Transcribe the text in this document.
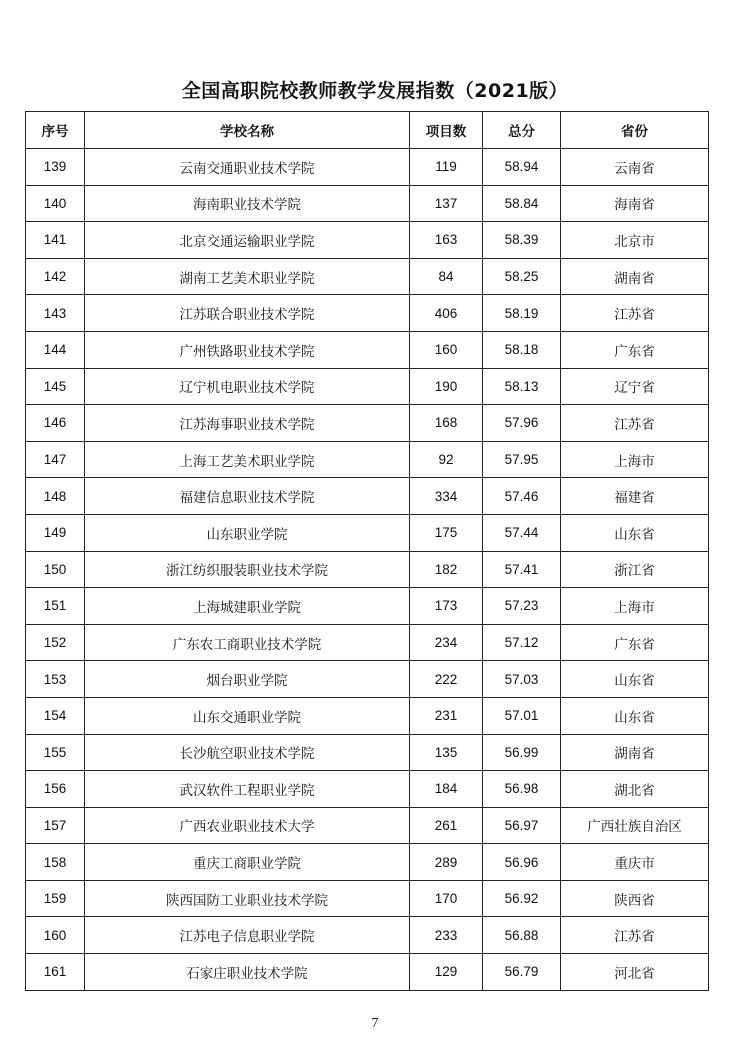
全国高职院校教师教学发展指数（2021版）
序号	学校名称	项目数	总分	省份
139	云南交通职业技术学院	119	58.94	云南省
140	海南职业技术学院	137	58.84	海南省
141	北京交通运输职业学院	163	58.39	北京市
142	湖南工艺美术职业学院	84	58.25	湖南省
143	江苏联合职业技术学院	406	58.19	江苏省
144	广州铁路职业技术学院	160	58.18	广东省
145	辽宁机电职业技术学院	190	58.13	辽宁省
146	江苏海事职业技术学院	168	57.96	江苏省
147	上海工艺美术职业学院	92	57.95	上海市
148	福建信息职业技术学院	334	57.46	福建省
149	山东职业学院	175	57.44	山东省
150	浙江纺织服装职业技术学院	182	57.41	浙江省
151	上海城建职业学院	173	57.23	上海市
152	广东农工商职业技术学院	234	57.12	广东省
153	烟台职业学院	222	57.03	山东省
154	山东交通职业学院	231	57.01	山东省
155	长沙航空职业技术学院	135	56.99	湖南省
156	武汉软件工程职业学院	184	56.98	湖北省
157	广西农业职业技术大学	261	56.97	广西壮族自治区
158	重庆工商职业学院	289	56.96	重庆市
159	陕西国防工业职业技术学院	170	56.92	陕西省
160	江苏电子信息职业学院	233	56.88	江苏省
161	石家庄职业技术学院	129	56.79	河北省
7
